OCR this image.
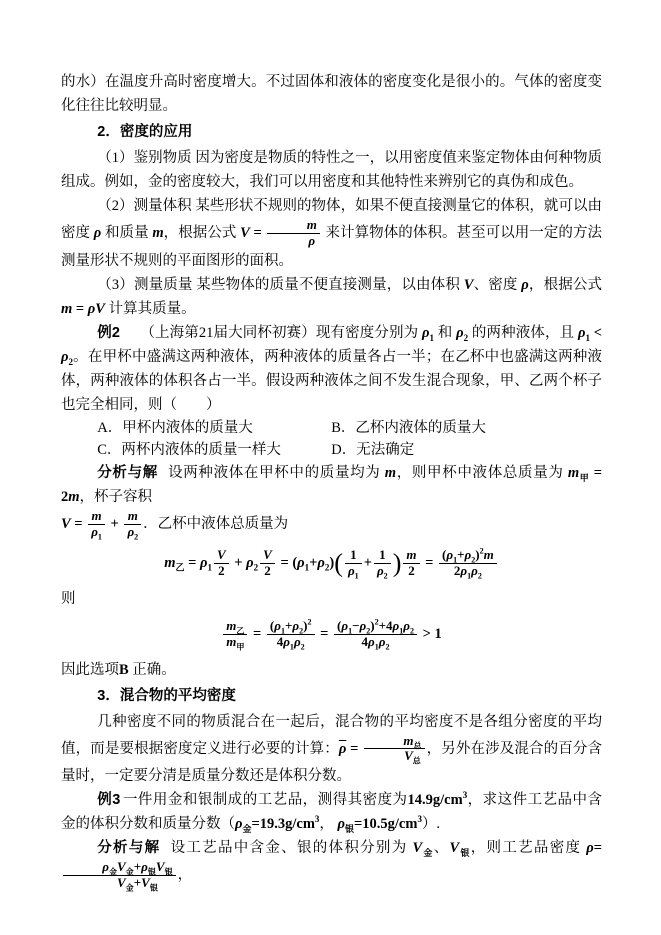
的水）在温度升高时密度增大。不过固体和液体的密度变化是很小的。气体的密度变化往往比较明显。

2．密度的应用

（1）鉴别物质 因为密度是物质的特性之一，以用密度值来鉴定物体由何种物质组成。例如，金的密度较大，我们可以用密度和其他特性来辨别它的真伪和成色。

（2）测量体积 某些形状不规则的物体，如果不便直接测量它的体积，就可以由密度 ρ 和质量 m，根据公式 $V = \frac{m}{\rho}$ 来计算物体的体积。甚至可以用一定的方法测量形状不规则的平面图形的面积。

（3）测量质量 某些物体的质量不便直接测量，以由体积 V、密度 ρ，根据公式 m = ρV 计算其质量。

例2 （上海第21届大同杯初赛）现有密度分别为 $\rho_1$ 和 $\rho_2$ 的两种液体，且 $\rho_1 < \rho_2$。在甲杯中盛满这两种液体，两种液体的质量各占一半；在乙杯中也盛满这两种液体，两种液体的体积各占一半。假设两种液体之间不发生混合现象，甲、乙两个杯子也完全相同，则（　　）

A．甲杯内液体的质量大	B．乙杯内液体的质量大

C．两杯内液体的质量一样大	D．无法确定

分析与解 设两种液体在甲杯中的质量均为 m，则甲杯中液体总质量为 $m_甲 = 2m$，杯子容积

$V = \frac{m}{\rho_1} + \frac{m}{\rho_2}$ ．乙杯中液体总质量为

$m_乙 = \rho_1 \frac{V}{2} + \rho_2 \frac{V}{2} = (\rho_1+\rho_2)( \frac{1}{\rho_1} + \frac{1}{\rho_2}$ ) $\frac{m}{2} = \frac{(\rho_1+\rho_2)^2m}{2\rho_1\rho_2}$

则

$\frac{m_乙}{m_甲} = \frac{(\rho_1+\rho_2)^2}{4\rho_1\rho_2} = \frac{(\rho_1-\rho_2)^2+4\rho_1\rho_2}{4\rho_1\rho_2} > 1$

因此选项B 正确。

3．混合物的平均密度

几种密度不同的物质混合在一起后，混合物的平均密度不是各组分密度的平均值，而是要根据密度定义进行必要的计算：$\overline{\rho} = \frac{m_总}{V_总}$ ，另外在涉及混合的百分含量时，一定要分清是质量分数还是体积分数。

例3 一件用金和银制成的工艺品，测得其密度为$14.9g/cm^3$，求这件工艺品中含金的体积分数和质量分数（$\rho_金=19.3g/cm^3$， $\rho_银=10.5g/cm^3$）.

分析与解 设工艺品中含金、银的体积分别为 $V_金$、$V_银$，则工艺品密度 ρ=
$\frac{\rho_金V_金+\rho_银V_银}{V_金+V_银}$ ，
